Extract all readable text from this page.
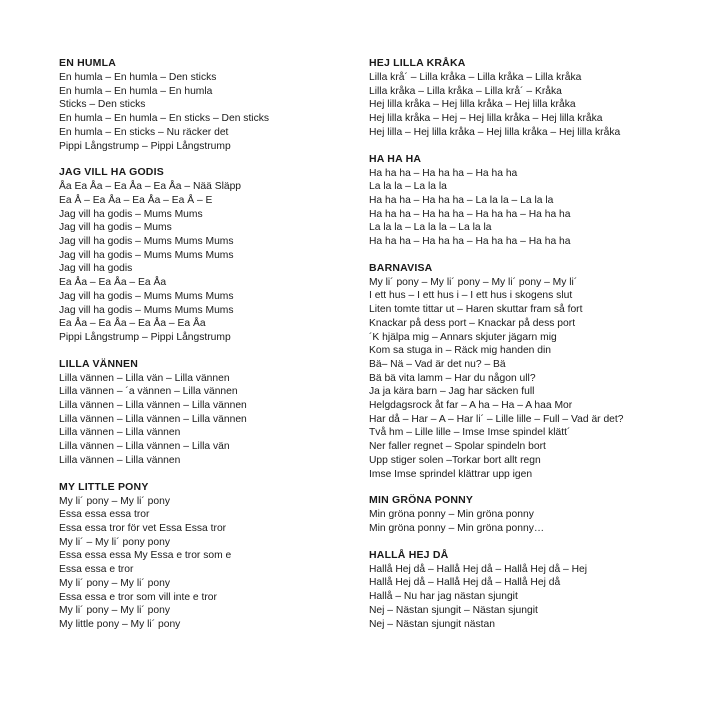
EN HUMLA
En humla – En humla – Den sticks
En humla – En humla – En humla
Sticks – Den sticks
En humla – En humla – En sticks – Den sticks
En humla – En sticks – Nu räcker det
Pippi Långstrump – Pippi Långstrump
JAG VILL HA GODIS
Åa Ea Åa – Ea Åa – Ea Åa – Nää Släpp
Ea Å – Ea Åa – Ea Åa – Ea Å – E
Jag vill ha godis – Mums Mums
Jag vill ha godis – Mums
Jag vill ha godis – Mums Mums Mums
Jag vill ha godis – Mums Mums Mums
Jag vill ha godis
Ea Åa – Ea Åa – Ea Åa
Jag vill ha godis – Mums Mums Mums
Jag vill ha godis – Mums Mums Mums
Ea Åa – Ea Åa – Ea Åa – Ea Åa
Pippi Långstrump – Pippi Långstrump
LILLA VÄNNEN
Lilla vännen – Lilla vän – Lilla vännen
Lilla vännen – ´a vännen – Lilla vännen
Lilla vännen – Lilla vännen – Lilla vännen
Lilla vännen – Lilla vännen – Lilla vännen
Lilla vännen – Lilla vännen
Lilla vännen – Lilla vännen – Lilla vän
Lilla vännen – Lilla vännen
MY LITTLE PONY
My li´ pony – My li´ pony
Essa essa essa tror
Essa essa tror för vet Essa Essa tror
My li´ – My li´ pony pony
Essa essa essa My Essa e tror som e
Essa essa e tror
My li´ pony – My li´ pony
Essa essa e tror som vill inte e tror
My li´ pony – My li´ pony
My little pony – My li´ pony
HEJ LILLA KRÅKA
Lilla krå´ – Lilla kråka – Lilla kråka – Lilla kråka
Lilla kråka – Lilla kråka – Lilla krå´ – Kråka
Hej lilla kråka – Hej lilla kråka – Hej lilla kråka
Hej lilla kråka – Hej – Hej lilla kråka – Hej lilla kråka
Hej lilla – Hej lilla kråka – Hej lilla kråka – Hej lilla kråka
HA HA HA
Ha ha ha – Ha ha ha – Ha ha ha
La la la – La la la
Ha ha ha – Ha ha ha – La la la – La la la
Ha ha ha – Ha ha ha – Ha ha ha – Ha ha ha
La la la – La la la – La la la
Ha ha ha – Ha ha ha – Ha ha ha – Ha ha ha
BARNAVISA
My li´ pony – My li´ pony – My li´ pony – My li´
I ett hus – I ett hus i – I ett hus i skogens slut
Liten tomte tittar ut – Haren skuttar fram så fort
Knackar på dess port – Knackar på dess port
´K hjälpa mig – Annars skjuter jägarn mig
Kom sa stuga in – Räck mig handen din
Bä– Nä – Vad är det nu? – Bä
Bä bä vita lamm – Har du någon ull?
Ja ja kära barn – Jag har säcken full
Helgdagsrock åt far – A ha – Ha – A haa Mor
Har då – Har – A – Har li´ – Lille lille – Full – Vad är det?
Två hm – Lille lille – Imse Imse spindel klätt´
Ner faller regnet – Spolar spindeln bort
Upp stiger solen –Torkar bort allt regn
Imse Imse sprindel klättrar upp igen
MIN GRÖNA PONNY
Min gröna ponny – Min gröna ponny
Min gröna ponny – Min gröna ponny…
HALLÅ HEJ DÅ
Hallå Hej då – Hallå Hej då – Hallå Hej då – Hej
Hallå Hej då – Hallå Hej då – Hallå Hej då
Hallå – Nu har jag nästan sjungit
Nej – Nästan sjungit – Nästan sjungit
Nej – Nästan sjungit nästan
